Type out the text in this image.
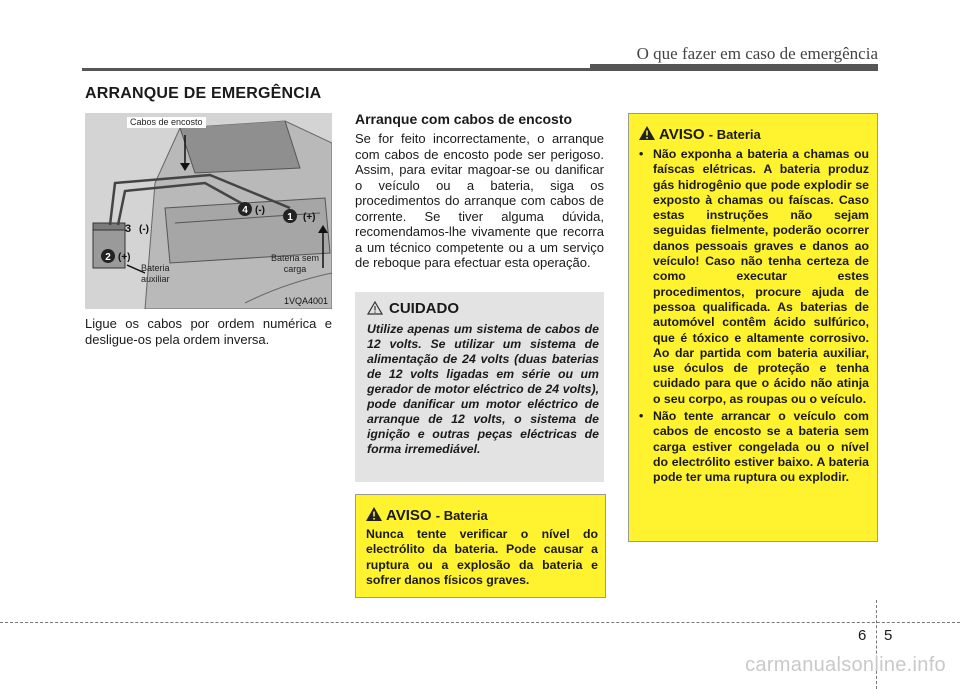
O que fazer em caso de emergência
ARRANQUE DE EMERGÊNCIA
1 (+)
4 (-)
3 (-)
2 (+)
Cabos de encosto
Bateria
auxiliar
Bateria sem
carga
1VQA4001
Ligue os cabos por ordem numérica e desligue-os pela ordem inversa.
Arranque com cabos de encosto
Se for feito incorrectamente, o arranque com cabos de encosto pode ser perigoso. Assim, para evitar magoar-se ou danificar o veículo ou a bateria, siga os procedimentos do arranque com cabos de corrente. Se tiver alguma dúvida, recomendamos-lhe vivamente que recorra a um técnico competente ou a um serviço de reboque para efectuar esta operação.
CUIDADO
Utilize apenas um sistema de cabos de 12 volts. Se utilizar um sistema de alimentação de 24 volts (duas baterias de 12 volts ligadas em série ou um gerador de motor eléctrico de 24 volts), pode danificar um motor eléctrico de arranque de 12 volts, o sistema de ignição e outras peças eléctricas de forma irremediável.
AVISO - Bateria
Nunca tente verificar o nível do electrólito da bateria. Pode causar a ruptura ou a explosão da bateria e sofrer danos físicos graves.
AVISO - Bateria
• Não exponha a bateria a chamas ou faíscas elétricas. A bateria produz gás hidrogênio que pode explodir se exposto à chamas ou faíscas. Caso estas instruções não sejam seguidas fielmente, poderão ocorrer danos pessoais graves e danos ao veículo! Caso não tenha certeza de como executar estes procedimentos, procure ajuda de pessoa qualificada. As baterias de automóvel contêm ácido sulfúrico, que é tóxico e altamente corrosivo. Ao dar partida com bateria auxiliar, use óculos de proteção e tenha cuidado para que o ácido não atinja o seu corpo, as roupas ou o veículo.
• Não tente arrancar o veículo com cabos de encosto se a bateria sem carga estiver congelada ou o nível do electrólito estiver baixo. A bateria pode ter uma ruptura ou explodir.
6 5
carmanualsonline.info
